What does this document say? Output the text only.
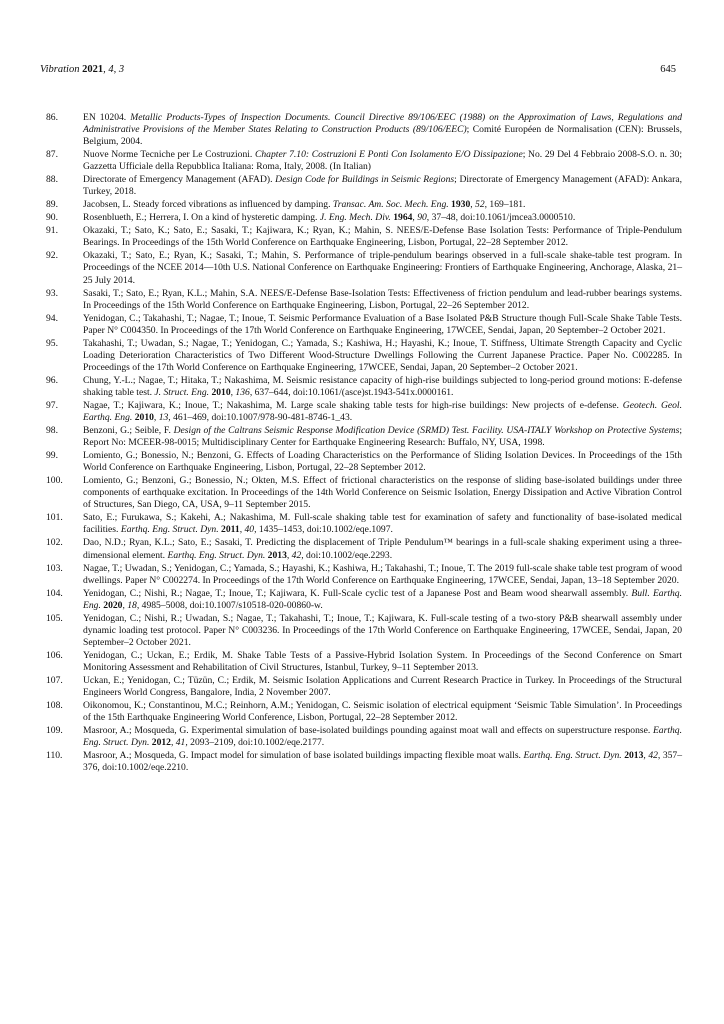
Vibration 2021, 4, 3	645
86.	EN 10204. Metallic Products-Types of Inspection Documents. Council Directive 89/106/EEC (1988) on the Approximation of Laws, Regulations and Administrative Provisions of the Member States Relating to Construction Products (89/106/EEC); Comité Européen de Normalisation (CEN): Brussels, Belgium, 2004.
87.	Nuove Norme Tecniche per Le Costruzioni. Chapter 7.10: Costruzioni E Ponti Con Isolamento E/O Dissipazione; No. 29 Del 4 Febbraio 2008-S.O. n. 30; Gazzetta Ufficiale della Repubblica Italiana: Roma, Italy, 2008. (In Italian)
88.	Directorate of Emergency Management (AFAD). Design Code for Buildings in Seismic Regions; Directorate of Emergency Management (AFAD): Ankara, Turkey, 2018.
89.	Jacobsen, L. Steady forced vibrations as influenced by damping. Transac. Am. Soc. Mech. Eng. 1930, 52, 169–181.
90.	Rosenblueth, E.; Herrera, I. On a kind of hysteretic damping. J. Eng. Mech. Div. 1964, 90, 37–48, doi:10.1061/jmcea3.0000510.
91.	Okazaki, T.; Sato, K.; Sato, E.; Sasaki, T.; Kajiwara, K.; Ryan, K.; Mahin, S. NEES/E-Defense Base Isolation Tests: Performance of Triple-Pendulum Bearings. In Proceedings of the 15th World Conference on Earthquake Engineering, Lisbon, Portugal, 22–28 September 2012.
92.	Okazaki, T.; Sato, E.; Ryan, K.; Sasaki, T.; Mahin, S. Performance of triple-pendulum bearings observed in a full-scale shake-table test program. In Proceedings of the NCEE 2014—10th U.S. National Conference on Earthquake Engineering: Frontiers of Earthquake Engineering, Anchorage, Alaska, 21–25 July 2014.
93.	Sasaki, T.; Sato, E.; Ryan, K.L.; Mahin, S.A. NEES/E-Defense Base-Isolation Tests: Effectiveness of friction pendulum and lead-rubber bearings systems. In Proceedings of the 15th World Conference on Earthquake Engineering, Lisbon, Portugal, 22–26 September 2012.
94.	Yenidogan, C.; Takahashi, T.; Nagae, T.; Inoue, T. Seismic Performance Evaluation of a Base Isolated P&B Structure though Full-Scale Shake Table Tests. Paper N° C004350. In Proceedings of the 17th World Conference on Earthquake Engineering, 17WCEE, Sendai, Japan, 20 September–2 October 2021.
95.	Takahashi, T.; Uwadan, S.; Nagae, T.; Yenidogan, C.; Yamada, S.; Kashiwa, H.; Hayashi, K.; Inoue, T. Stiffness, Ultimate Strength Capacity and Cyclic Loading Deterioration Characteristics of Two Different Wood-Structure Dwellings Following the Current Japanese Practice. Paper No. C002285. In Proceedings of the 17th World Conference on Earthquake Engineering, 17WCEE, Sendai, Japan, 20 September–2 October 2021.
96.	Chung, Y.-L.; Nagae, T.; Hitaka, T.; Nakashima, M. Seismic resistance capacity of high-rise buildings subjected to long-period ground motions: E-defense shaking table test. J. Struct. Eng. 2010, 136, 637–644, doi:10.1061/(asce)st.1943-541x.0000161.
97.	Nagae, T.; Kajiwara, K.; Inoue, T.; Nakashima, M. Large scale shaking table tests for high-rise buildings: New projects of e-defense. Geotech. Geol. Earthq. Eng. 2010, 13, 461–469, doi:10.1007/978-90-481-8746-1_43.
98.	Benzoni, G.; Seible, F. Design of the Caltrans Seismic Response Modification Device (SRMD) Test. Facility. USA-ITALY Workshop on Protective Systems; Report No: MCEER-98-0015; Multidisciplinary Center for Earthquake Engineering Research: Buffalo, NY, USA, 1998.
99.	Lomiento, G.; Bonessio, N.; Benzoni, G. Effects of Loading Characteristics on the Performance of Sliding Isolation Devices. In Proceedings of the 15th World Conference on Earthquake Engineering, Lisbon, Portugal, 22–28 September 2012.
100. Lomiento, G.; Benzoni, G.; Bonessio, N.; Okten, M.S. Effect of frictional characteristics on the response of sliding base-isolated buildings under three components of earthquake excitation. In Proceedings of the 14th World Conference on Seismic Isolation, Energy Dissipation and Active Vibration Control of Structures, San Diego, CA, USA, 9–11 September 2015.
101. Sato, E.; Furukawa, S.; Kakehi, A.; Nakashima, M. Full-scale shaking table test for examination of safety and functionality of base-isolated medical facilities. Earthq. Eng. Struct. Dyn. 2011, 40, 1435–1453, doi:10.1002/eqe.1097.
102. Dao, N.D.; Ryan, K.L.; Sato, E.; Sasaki, T. Predicting the displacement of Triple Pendulum™ bearings in a full-scale shaking experiment using a three-dimensional element. Earthq. Eng. Struct. Dyn. 2013, 42, doi:10.1002/eqe.2293.
103. Nagae, T.; Uwadan, S.; Yenidogan, C.; Yamada, S.; Hayashi, K.; Kashiwa, H.; Takahashi, T.; Inoue, T. The 2019 full-scale shake table test program of wood dwellings. Paper N° C002274. In Proceedings of the 17th World Conference on Earthquake Engineering, 17WCEE, Sendai, Japan, 13–18 September 2020.
104. Yenidogan, C.; Nishi, R.; Nagae, T.; Inoue, T.; Kajiwara, K. Full-Scale cyclic test of a Japanese Post and Beam wood shearwall assembly. Bull. Earthq. Eng. 2020, 18, 4985–5008, doi:10.1007/s10518-020-00860-w.
105. Yenidogan, C.; Nishi, R.; Uwadan, S.; Nagae, T.; Takahashi, T.; Inoue, T.; Kajiwara, K. Full-scale testing of a two-story P&B shearwall assembly under dynamic loading test protocol. Paper N° C003236. In Proceedings of the 17th World Conference on Earthquake Engineering, 17WCEE, Sendai, Japan, 20 September–2 October 2021.
106. Yenidogan, C.; Uckan, E.; Erdik, M. Shake Table Tests of a Passive-Hybrid Isolation System. In Proceedings of the Second Conference on Smart Monitoring Assessment and Rehabilitation of Civil Structures, Istanbul, Turkey, 9–11 September 2013.
107. Uckan, E.; Yenidogan, C.; Tüzün, C.; Erdik, M. Seismic Isolation Applications and Current Research Practice in Turkey. In Proceedings of the Structural Engineers World Congress, Bangalore, India, 2 November 2007.
108. Oikonomou, K.; Constantinou, M.C.; Reinhorn, A.M.; Yenidogan, C. Seismic isolation of electrical equipment ‘Seismic Table Simulation’. In Proceedings of the 15th Earthquake Engineering World Conference, Lisbon, Portugal, 22–28 September 2012.
109. Masroor, A.; Mosqueda, G. Experimental simulation of base-isolated buildings pounding against moat wall and effects on superstructure response. Earthq. Eng. Struct. Dyn. 2012, 41, 2093–2109, doi:10.1002/eqe.2177.
110. Masroor, A.; Mosqueda, G. Impact model for simulation of base isolated buildings impacting flexible moat walls. Earthq. Eng. Struct. Dyn. 2013, 42, 357–376, doi:10.1002/eqe.2210.
